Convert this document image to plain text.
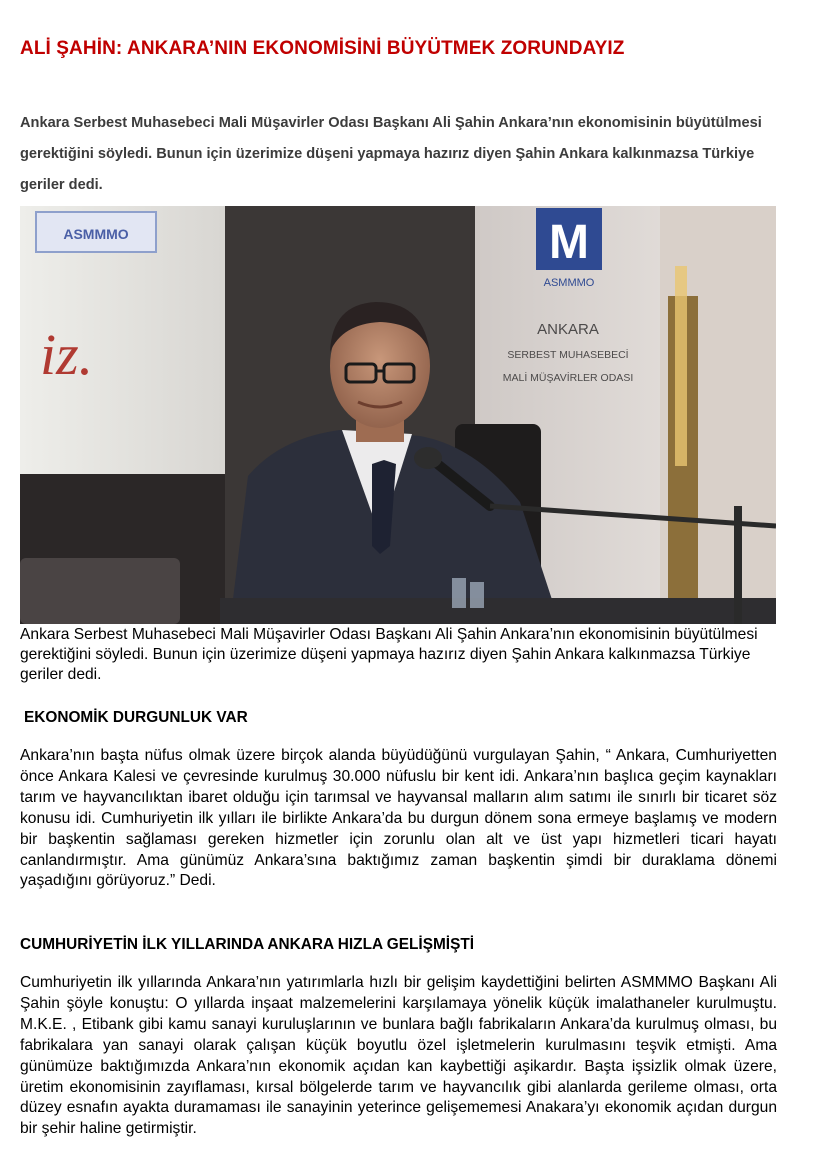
ALİ ŞAHİN: ANKARA’NIN EKONOMİSİNİ BÜYÜTMEK ZORUNDAYIZ

Ankara Serbest Muhasebeci Mali Müşavirler Odası Başkanı Ali Şahin Ankara’nın ekonomisinin büyütülmesi gerektiğini söyledi. Bunun için üzerimize düşeni yapmaya hazırız diyen Şahin Ankara kalkınmazsa Türkiye geriler dedi.

ASMMMO
iz.
M
ASMMMO
ANKARA
SERBEST MUHASEBECİ
MALİ MÜŞAVİRLER ODASI

Ankara Serbest Muhasebeci Mali Müşavirler Odası Başkanı Ali Şahin Ankara’nın ekonomisinin büyütülmesi gerektiğini söyledi. Bunun için üzerimize düşeni yapmaya hazırız diyen Şahin Ankara kalkınmazsa Türkiye geriler dedi.

EKONOMİK DURGUNLUK VAR

Ankara’nın başta nüfus olmak üzere birçok alanda büyüdüğünü vurgulayan Şahin, “ Ankara, Cumhuriyetten önce Ankara Kalesi ve çevresinde kurulmuş 30.000 nüfuslu bir kent idi. Ankara’nın başlıca geçim kaynakları tarım ve hayvancılıktan ibaret olduğu için tarımsal ve hayvansal malların alım satımı ile sınırlı bir ticaret söz konusu idi. Cumhuriyetin ilk yılları ile birlikte Ankara’da bu durgun dönem sona ermeye başlamış ve modern bir başkentin sağlaması gereken hizmetler için zorunlu olan alt ve üst yapı hizmetleri ticari hayatı canlandırmıştır. Ama günümüz Ankara’sına baktığımız zaman başkentin şimdi bir duraklama dönemi yaşadığını görüyoruz.” Dedi.

CUMHURİYETİN İLK YILLARINDA ANKARA HIZLA GELİŞMİŞTİ

Cumhuriyetin ilk yıllarında Ankara’nın yatırımlarla hızlı bir gelişim kaydettiğini belirten ASMMMO Başkanı Ali Şahin şöyle konuştu: O yıllarda inşaat malzemelerini karşılamaya yönelik küçük imalathaneler kurulmuştu. M.K.E. , Etibank gibi kamu sanayi kuruluşlarının ve bunlara bağlı fabrikaların Ankara’da kurulmuş olması, bu fabrikalara yan sanayi olarak çalışan küçük boyutlu özel işletmelerin kurulmasını teşvik etmişti. Ama günümüze baktığımızda Ankara’nın ekonomik açıdan kan kaybettiği aşikardır. Başta işsizlik olmak üzere, üretim ekonomisinin zayıflaması, kırsal bölgelerde tarım ve hayvancılık gibi alanlarda gerileme olması, orta düzey esnafın ayakta duramaması ile sanayinin yeterince gelişememesi Anakara’yı ekonomik açıdan durgun bir şehir haline getirmiştir.
